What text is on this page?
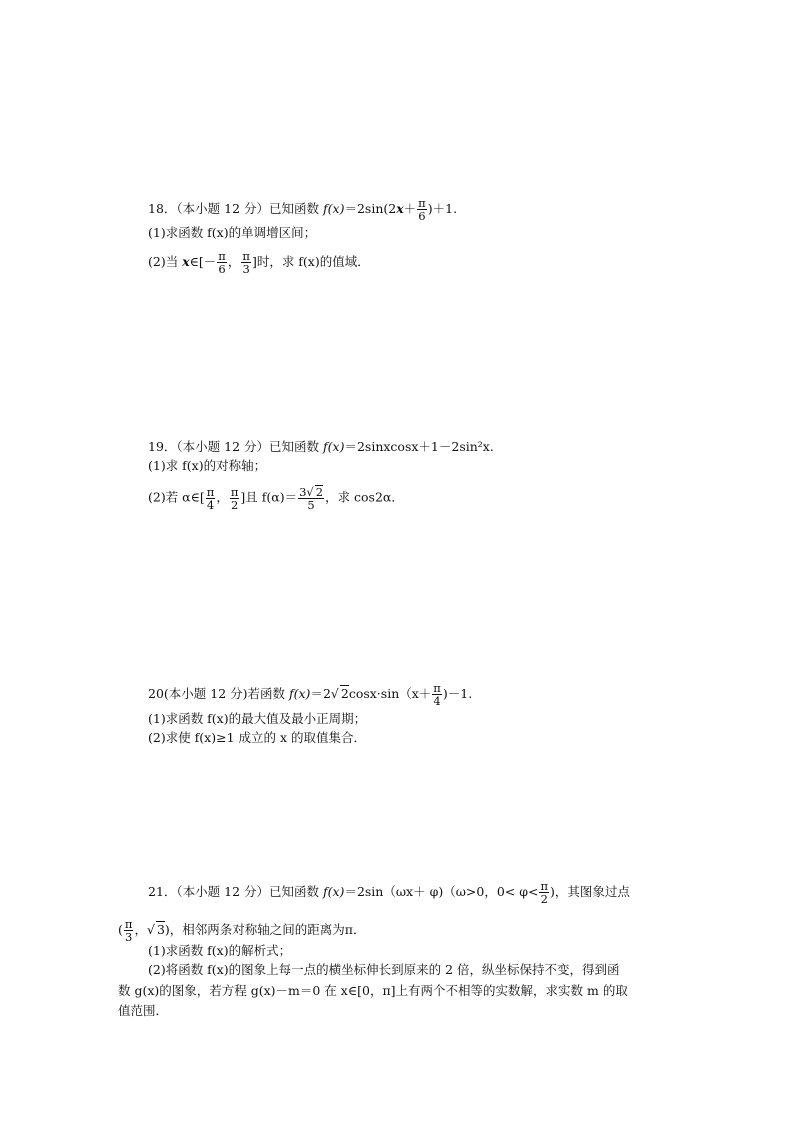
18．（本小题 12 分）已知函数 $f(x)=2\sin(2x+ \frac{\pi}{6} )+1$.
(1)求函数 f(x)的单调增区间；
(2)当 x∈[－ $\frac{\pi}{6}$ ， $\frac{\pi}{3}$ ]时，求 f(x)的值域．
19．（本小题 12 分）已知函数 f(x)＝2sinxcosx＋1－2sin²x.
(1)求 f(x)的对称轴；
(2)若 α∈[ $\frac{\pi}{4}$ ， $\frac{\pi}{2}$ ]且 $f(\alpha)= \frac{3√ 2}{5}$ ，求 cos2α．
20(本小题 12 分)若函数 f(x)＝2√ $2\cos x\cdot\sin(x+ \frac{\pi}{4} )-1$.
(1)求函数 f(x)的最大值及最小正周期；
(2)求使 f(x)≥1 成立的 x 的取值集合．
21．（本小题 12 分）已知函数 f(x)＝2sin（ωx＋ φ)（ω>0，$0< \varphi< \frac{\pi}{2}$ )，其图象过点
( $\frac{\pi}{3}$ ，√ 3)，相邻两条对称轴之间的距离为π．
(1)求函数 f(x)的解析式；
(2)将函数 f(x)的图象上每一点的横坐标伸长到原来的 2 倍，纵坐标保持不变，得到函
数 g(x)的图象，若方程 g(x)－m＝0 在 x∈[0，π]上有两个不相等的实数解，求实数 m 的取
值范围．
